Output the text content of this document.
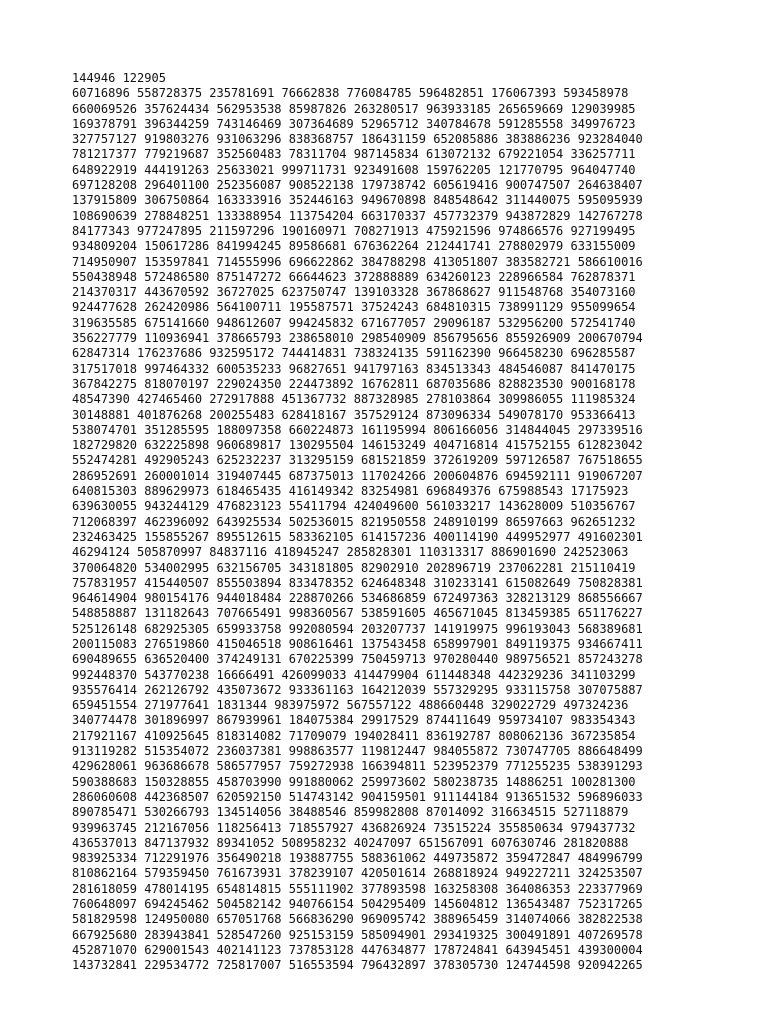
144946 122905
60716896 558728375 235781691 76662838 776084785 596482851 176067393 593458978
660069526 357624434 562953538 85987826 263280517 963933185 265659669 129039985
169378791 396344259 743146469 307364689 52965712 340784678 591285558 349976723
327757127 919803276 931063296 838368757 186431159 652085886 383886236 923284040
781217377 779219687 352560483 78311704 987145834 613072132 679221054 336257711
648922919 444191263 25633021 999711731 923491608 159762205 121770795 964047740
697128208 296401100 252356087 908522138 179738742 605619416 900747507 264638407
137915809 306750864 163333916 352446163 949670898 848548642 311440075 595095939
108690639 278848251 133388954 113754204 663170337 457732379 943872829 142767278
84177343 977247895 211597296 190160971 708271913 475921596 974866576 927199495
934809204 150617286 841994245 89586681 676362264 212441741 278802979 633155009
714950907 153597841 714555996 696622862 384788298 413051807 383582721 586610016
550438948 572486580 875147272 66644623 372888889 634260123 228966584 762878371
214370317 443670592 36727025 623750747 139103328 367868627 911548768 354073160
924477628 262420986 564100711 195587571 37524243 684810315 738991129 955099654
319635585 675141660 948612607 994245832 671677057 29096187 532956200 572541740
356227779 110936941 378665793 238658010 298540909 856795656 855926909 200670794
62847314 176237686 932595172 744414831 738324135 591162390 966458230 696285587
317517018 997464332 600535233 96827651 941797163 834513343 484546087 841470175
367842275 818070197 229024350 224473892 16762811 687035686 828823530 900168178
48547390 427465460 272917888 451367732 887328985 278103864 309986055 111985324
30148881 401876268 200255483 628418167 357529124 873096334 549078170 953366413
538074701 351285595 188097358 660224873 161195994 806166056 314844045 297339516
182729820 632225898 960689817 130295504 146153249 404716814 415752155 612823042
552474281 492905243 625232237 313295159 681521859 372619209 597126587 767518655
286952691 260001014 319407445 687375013 117024266 200604876 694592111 919067207
640815303 889629973 618465435 416149342 83254981 696849376 675988543 17175923
639630055 943244129 476823123 55411794 424049600 561033217 143628009 510356767
712068397 462396092 643925534 502536015 821950558 248910199 86597663 962651232
232463425 155855267 895512615 583362105 614157236 400114190 449952977 491602301
46294124 505870997 84837116 418945247 285828301 110313317 886901690 242523063
370064820 534002995 632156705 343181805 82902910 202896719 237062281 215110419
757831957 415440507 855503894 833478352 624648348 310233141 615082649 750828381
964614904 980154176 944018484 228870266 534686859 672497363 328213129 868556667
548858887 131182643 707665491 998360567 538591605 465671045 813459385 651176227
525126148 682925305 659933758 992080594 203207737 141919975 996193043 568389681
200115083 276519860 415046518 908616461 137543458 658997901 849119375 934667411
690489655 636520400 374249131 670225399 750459713 970280440 989756521 857243278
992448370 543770238 16666491 426099033 414479904 611448348 442329236 341103299
935576414 262126792 435073672 933361163 164212039 557329295 933115758 307075887
659451554 271977641 1831344 983975972 567557122 488660448 329022729 497324236
340774478 301896997 867939961 184075384 29917529 874411649 959734107 983354343
217921167 410925645 818314082 71709079 194028411 836192787 808062136 367235854
913119282 515354072 236037381 998863577 119812447 984055872 730747705 886648499
429628061 963686678 586577957 759272938 166394811 523952379 771255235 538391293
590388683 150328855 458703990 991880062 259973602 580238735 14886251 100281300
286060608 442368507 620592150 514743142 904159501 911144184 913651532 596896033
890785471 530266793 134514056 38488546 859982808 87014092 316634515 527118879
939963745 212167056 118256413 718557927 436826924 73515224 355850634 979437732
436537013 847137932 89341052 508958232 40247097 651567091 607630746 281820888
983925334 712291976 356490218 193887755 588361062 449735872 359472847 484996799
810862164 579359450 761673931 378239107 420501614 268818924 949227211 324253507
281618059 478014195 654814815 555111902 377893598 163258308 364086353 223377969
760648097 694245462 504582142 940766154 504295409 145604812 136543487 752317265
581829598 124950080 657051768 566836290 969095742 388965459 314074066 382822538
667925680 283943841 528547260 925153159 585094901 293419325 300491891 407269578
452871070 629001543 402141123 737853128 447634877 178724841 643945451 439300004
143732841 229534772 725817007 516553594 796432897 378305730 124744598 920942265
